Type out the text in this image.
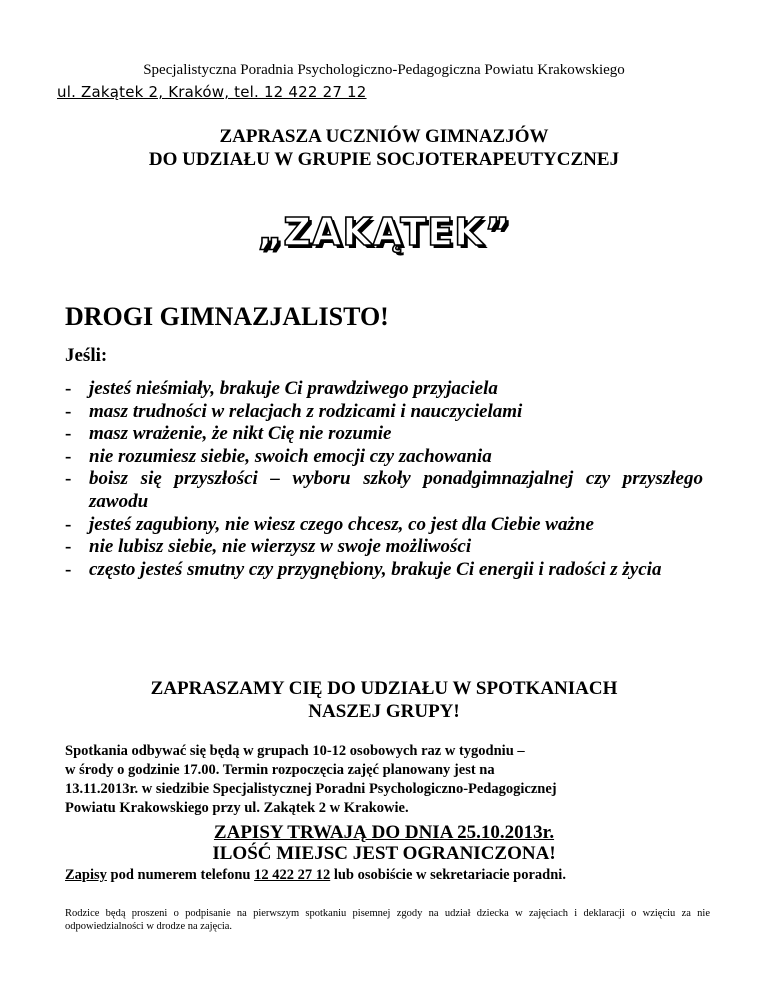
Specjalistyczna Poradnia Psychologiczno-Pedagogiczna Powiatu Krakowskiego
ul. Zakątek 2, Kraków, tel. 12 422 27 12
ZAPRASZA UCZNIÓW GIMNAZJÓW
DO UDZIAŁU W GRUPIE SOCJOTERAPEUTYCZNEJ
„ZAKĄTEK”
DROGI GIMNAZJALISTO!
Jeśli:
- jesteś nieśmiały, brakuje Ci prawdziwego przyjaciela
- masz trudności w relacjach z rodzicami i nauczycielami
- masz wrażenie, że nikt Cię nie rozumie
- nie rozumiesz siebie, swoich emocji czy zachowania
- boisz się przyszłości – wyboru szkoły ponadgimnazjalnej czy przyszłego zawodu
- jesteś zagubiony, nie wiesz czego chcesz, co jest dla Ciebie ważne
- nie lubisz siebie, nie wierzysz w swoje możliwości
- często jesteś smutny czy przygnębiony, brakuje Ci energii i radości z życia
ZAPRASZAMY CIĘ DO UDZIAŁU W SPOTKANIACH
NASZEJ GRUPY!
Spotkania odbywać się będą w grupach 10-12 osobowych raz w tygodniu –
w środy o godzinie 17.00. Termin rozpoczęcia zajęć planowany jest na
13.11.2013r. w siedzibie Specjalistycznej Poradni Psychologiczno-Pedagogicznej
Powiatu Krakowskiego przy ul. Zakątek 2 w Krakowie.
ZAPISY TRWAJĄ DO DNIA 25.10.2013r.
ILOŚĆ MIEJSC JEST OGRANICZONA!
Zapisy pod numerem telefonu 12 422 27 12 lub osobiście w sekretariacie poradni.
Rodzice będą proszeni o podpisanie na pierwszym spotkaniu pisemnej zgody na udział dziecka w zajęciach i deklaracji o wzięciu za nie odpowiedzialności w drodze na zajęcia.
